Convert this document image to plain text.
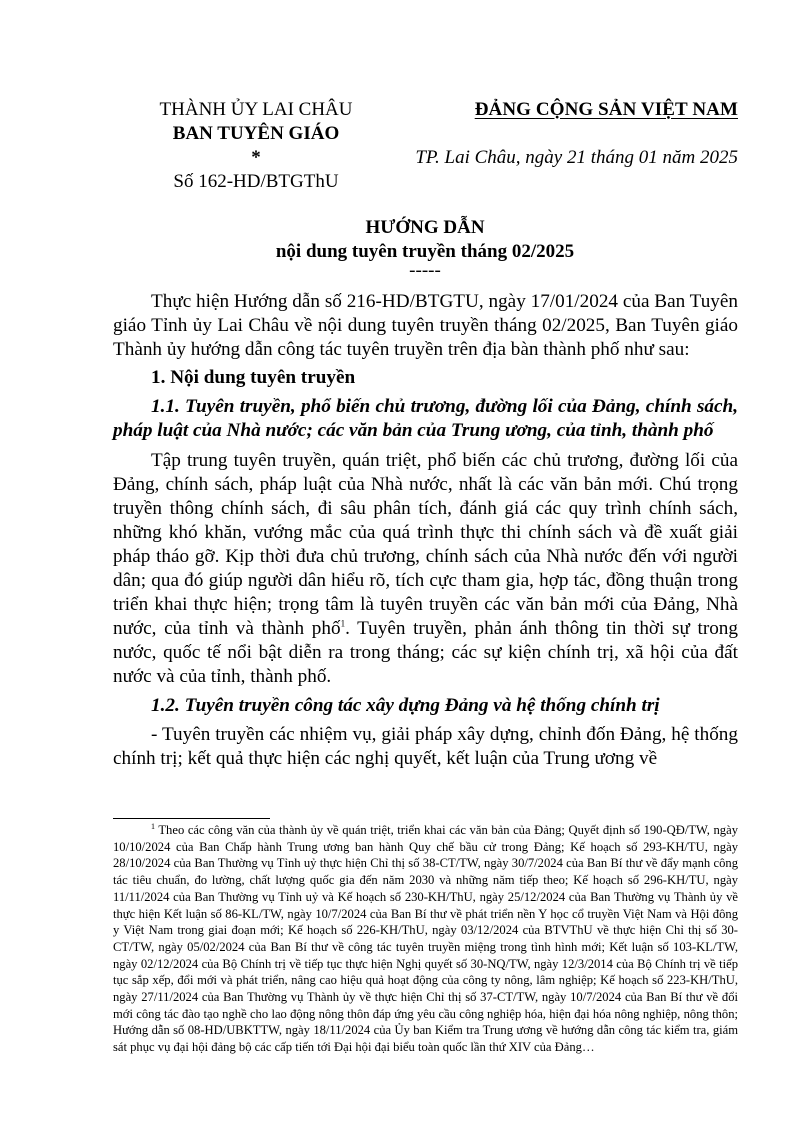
THÀNH ỦY LAI CHÂU
BAN TUYÊN GIÁO
*
Số 162-HD/BTGThU
ĐẢNG CỘNG SẢN VIỆT NAM
TP. Lai Châu, ngày 21 tháng 01 năm 2025
HƯỚNG DẪN
nội dung tuyên truyền tháng 02/2025
-----

Thực hiện Hướng dẫn số 216-HD/BTGTU, ngày 17/01/2024 của Ban Tuyên giáo Tỉnh ủy Lai Châu về nội dung tuyên truyền tháng 02/2025, Ban Tuyên giáo Thành ủy hướng dẫn công tác tuyên truyền trên địa bàn thành phố như sau:

1. Nội dung tuyên truyền

1.1. Tuyên truyền, phổ biến chủ trương, đường lối của Đảng, chính sách, pháp luật của Nhà nước; các văn bản của Trung ương, của tỉnh, thành phố

Tập trung tuyên truyền, quán triệt, phổ biến các chủ trương, đường lối của Đảng, chính sách, pháp luật của Nhà nước, nhất là các văn bản mới. Chú trọng truyền thông chính sách, đi sâu phân tích, đánh giá các quy trình chính sách, những khó khăn, vướng mắc của quá trình thực thi chính sách và đề xuất giải pháp tháo gỡ. Kịp thời đưa chủ trương, chính sách của Nhà nước đến với người dân; qua đó giúp người dân hiểu rõ, tích cực tham gia, hợp tác, đồng thuận trong triển khai thực hiện; trọng tâm là tuyên truyền các văn bản mới của Đảng, Nhà nước, của tỉnh và thành phố$^1$. Tuyên truyền, phản ánh thông tin thời sự trong nước, quốc tế nổi bật diễn ra trong tháng; các sự kiện chính trị, xã hội của đất nước và của tỉnh, thành phố.

1.2. Tuyên truyền công tác xây dựng Đảng và hệ thống chính trị

- Tuyên truyền các nhiệm vụ, giải pháp xây dựng, chỉnh đốn Đảng, hệ thống chính trị; kết quả thực hiện các nghị quyết, kết luận của Trung ương về

$^1$ Theo các công văn của thành ủy về quán triệt, triển khai các văn bản của Đảng; Quyết định số 190-QĐ/TW, ngày 10/10/2024 của Ban Chấp hành Trung ương ban hành Quy chế bầu cử trong Đảng; Kế hoạch số 293-KH/TU, ngày 28/10/2024 của Ban Thường vụ Tỉnh uỷ thực hiện Chỉ thị số 38-CT/TW, ngày 30/7/2024 của Ban Bí thư về đẩy mạnh công tác tiêu chuẩn, đo lường, chất lượng quốc gia đến năm 2030 và những năm tiếp theo; Kế hoạch số 296-KH/TU, ngày 11/11/2024 của Ban Thường vụ Tỉnh uỷ và Kế hoạch số 230-KH/ThU, ngày 25/12/2024 của Ban Thường vụ Thành ủy về thực hiện Kết luận số 86-KL/TW, ngày 10/7/2024 của Ban Bí thư về phát triển nền Y học cổ truyền Việt Nam và Hội đông y Việt Nam trong giai đoạn mới; Kế hoạch số 226-KH/ThU, ngày 03/12/2024 của BTVThU về thực hiện Chỉ thị số 30-CT/TW, ngày 05/02/2024 của Ban Bí thư về công tác tuyên truyền miệng trong tình hình mới; Kết luận số 103-KL/TW, ngày 02/12/2024 của Bộ Chính trị về tiếp tục thực hiện Nghị quyết số 30-NQ/TW, ngày 12/3/2014 của Bộ Chính trị về tiếp tục sắp xếp, đổi mới và phát triển, nâng cao hiệu quả hoạt động của công ty nông, lâm nghiệp; Kế hoạch số 223-KH/ThU, ngày 27/11/2024 của Ban Thường vụ Thành ủy về thực hiện Chỉ thị số 37-CT/TW, ngày 10/7/2024 của Ban Bí thư về đổi mới công tác đào tạo nghề cho lao động nông thôn đáp ứng yêu cầu công nghiệp hóa, hiện đại hóa nông nghiệp, nông thôn; Hướng dẫn số 08-HD/UBKTTW, ngày 18/11/2024 của Ủy ban Kiểm tra Trung ương về hướng dẫn công tác kiểm tra, giám sát phục vụ đại hội đảng bộ các cấp tiến tới Đại hội đại biểu toàn quốc lần thứ XIV của Đảng…
